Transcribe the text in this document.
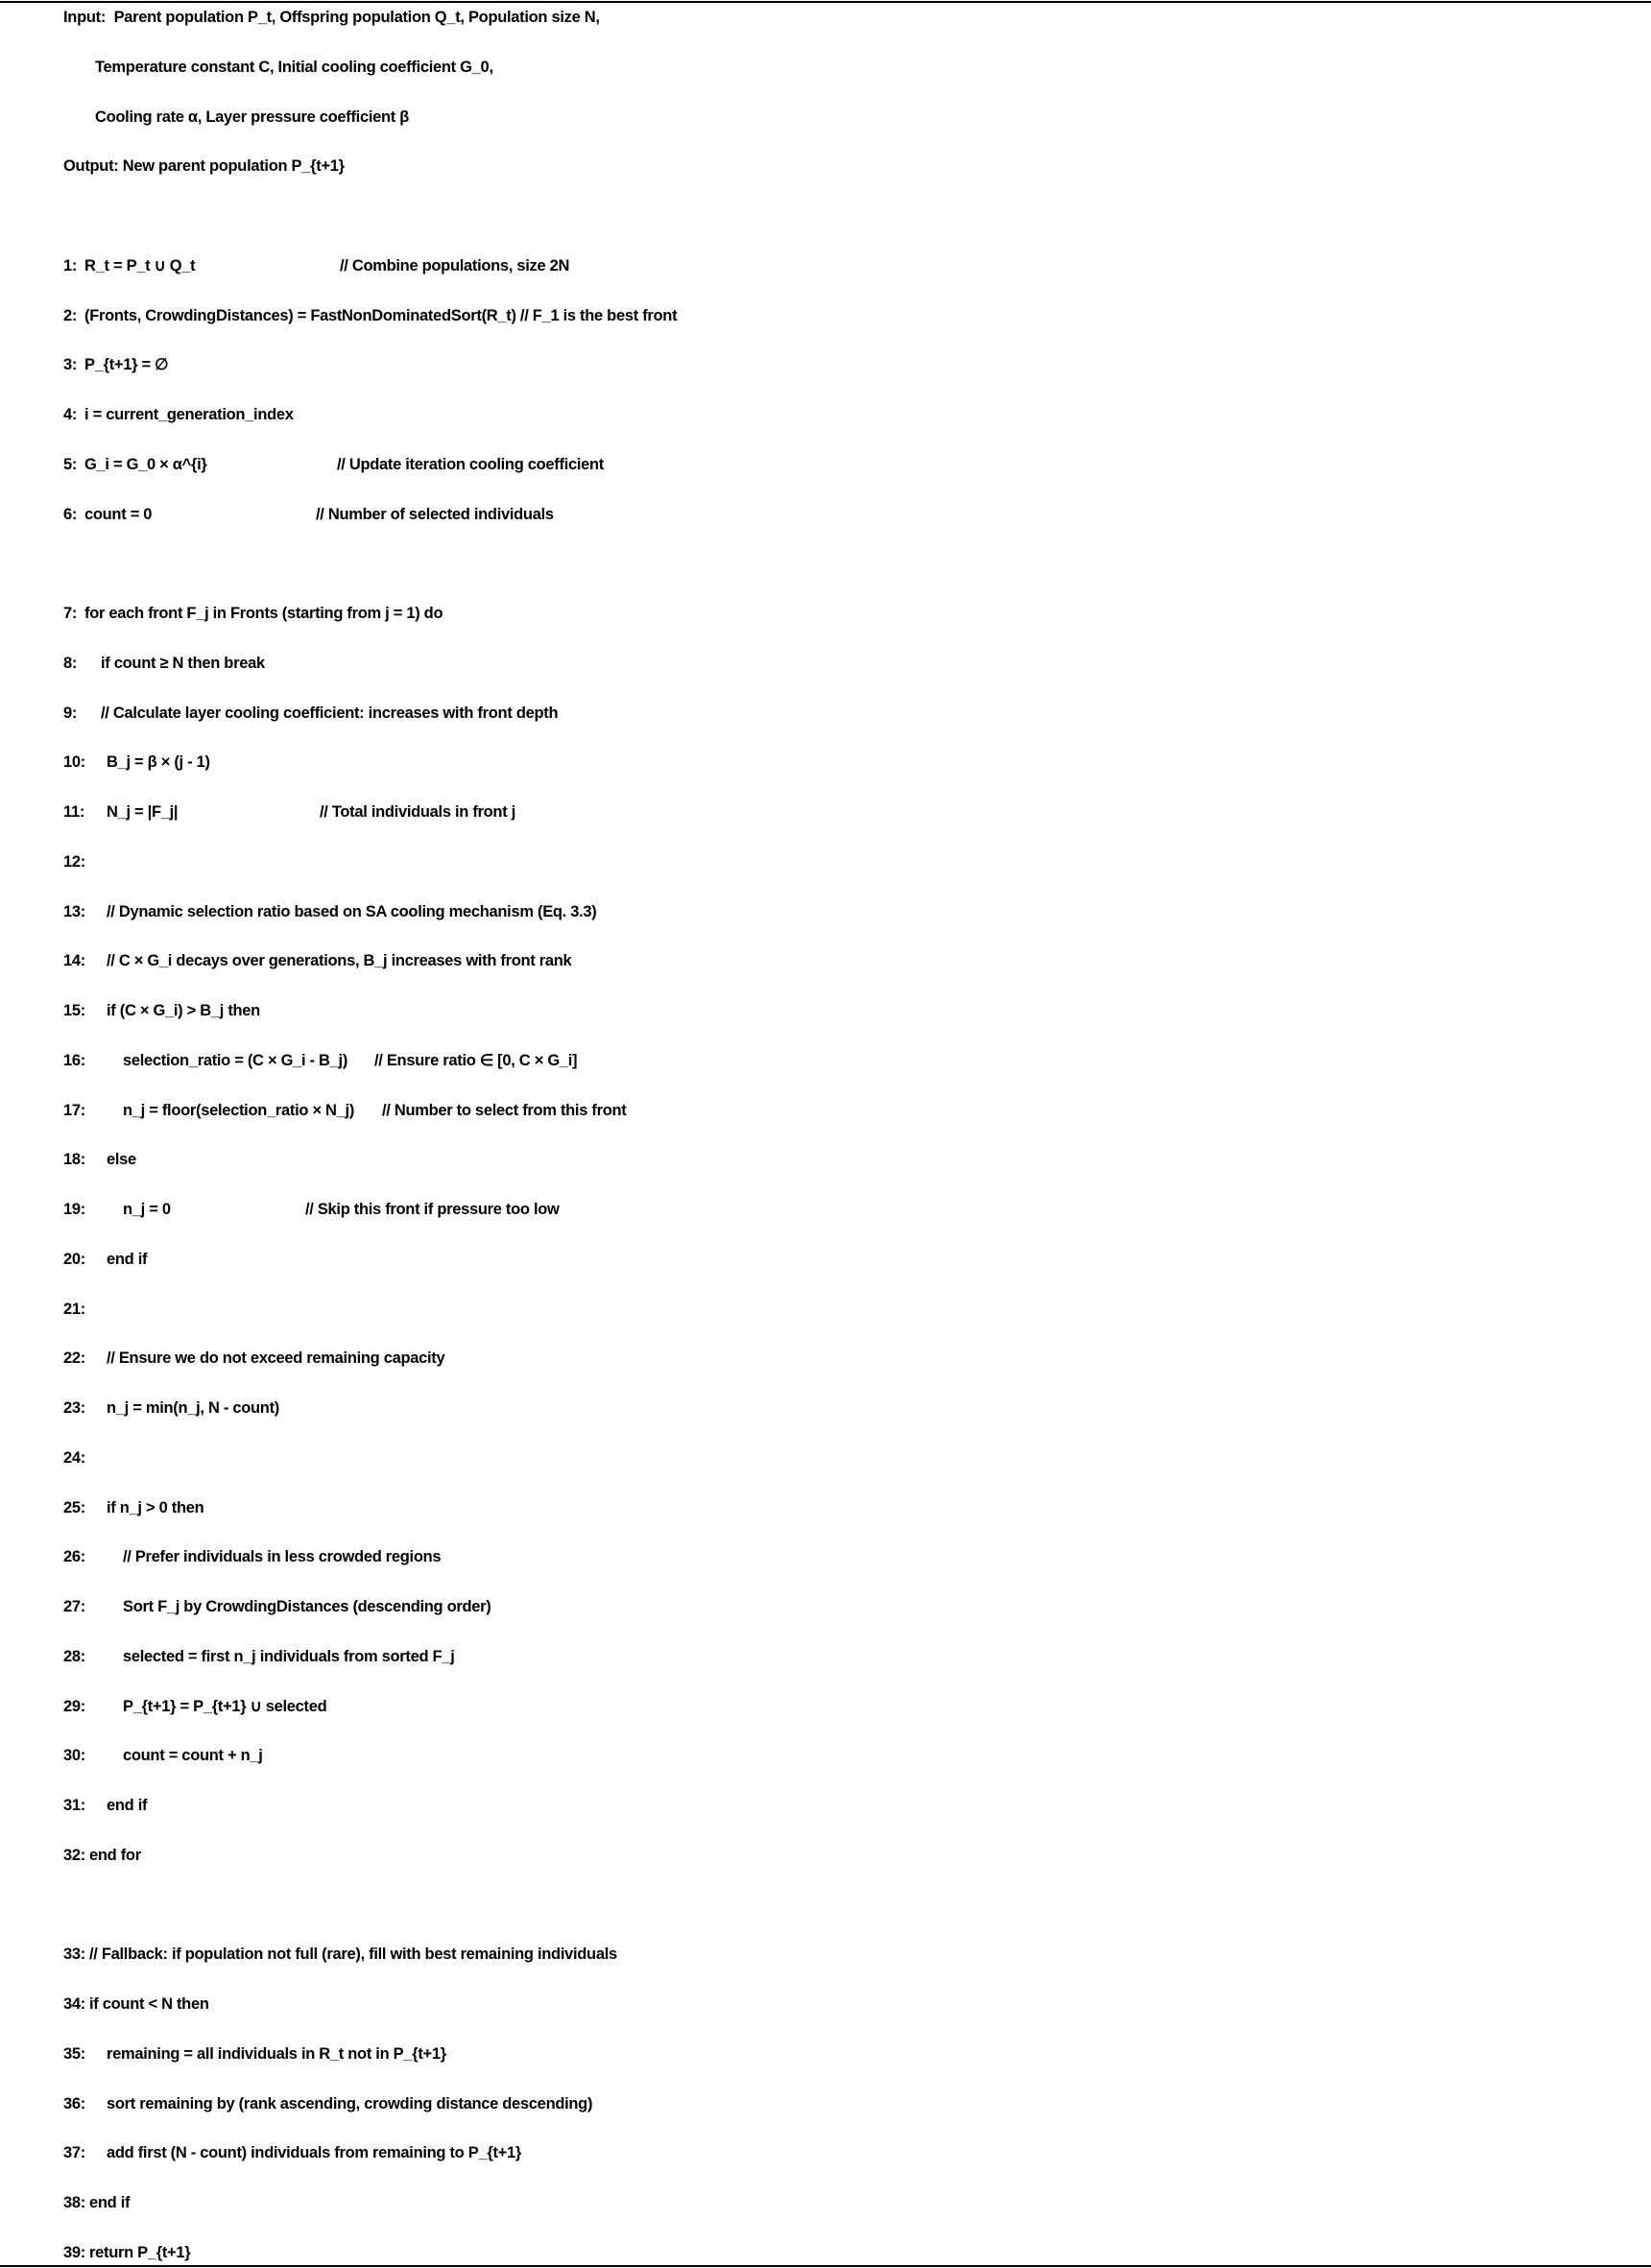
Input:  Parent population P_t, Offspring population Q_t, Population size N,
Temperature constant C, Initial cooling coefficient G_0,
Cooling rate α, Layer pressure coefficient β
Output: New parent population P_{t+1}
1: R_t = P_t ∪ Q_t	// Combine populations, size 2N
2: (Fronts, CrowdingDistances) = FastNonDominatedSort(R_t) // F_1 is the best front
3: P_{t+1} = ∅
4: i = current_generation_index
5: G_i = G_0 × α^{i}	// Update iteration cooling coefficient
6: count = 0	// Number of selected individuals
7: for each front F_j in Fronts (starting from j = 1) do
8: if count ≥ N then break
9: // Calculate layer cooling coefficient: increases with front depth
10: B_j = β × (j - 1)
11: N_j = |F_j|	// Total individuals in front j
12:
13: // Dynamic selection ratio based on SA cooling mechanism (Eq. 3.3)
14: // C × G_i decays over generations, B_j increases with front rank
15: if (C × G_i) > B_j then
16: selection_ratio = (C × G_i - B_j) // Ensure ratio ∈ [0, C × G_i]
17: n_j = floor(selection_ratio × N_j) // Number to select from this front
18: else
19: n_j = 0	// Skip this front if pressure too low
20: end if
21:
22: // Ensure we do not exceed remaining capacity
23: n_j = min(n_j, N - count)
24:
25: if n_j > 0 then
26: // Prefer individuals in less crowded regions
27: Sort F_j by CrowdingDistances (descending order)
28: selected = first n_j individuals from sorted F_j
29: P_{t+1} = P_{t+1} ∪ selected
30: count = count + n_j
31: end if
32: end for
33: // Fallback: if population not full (rare), fill with best remaining individuals
34: if count < N then
35: remaining = all individuals in R_t not in P_{t+1}
36: sort remaining by (rank ascending, crowding distance descending)
37: add first (N - count) individuals from remaining to P_{t+1}
38: end if
39: return P_{t+1}
